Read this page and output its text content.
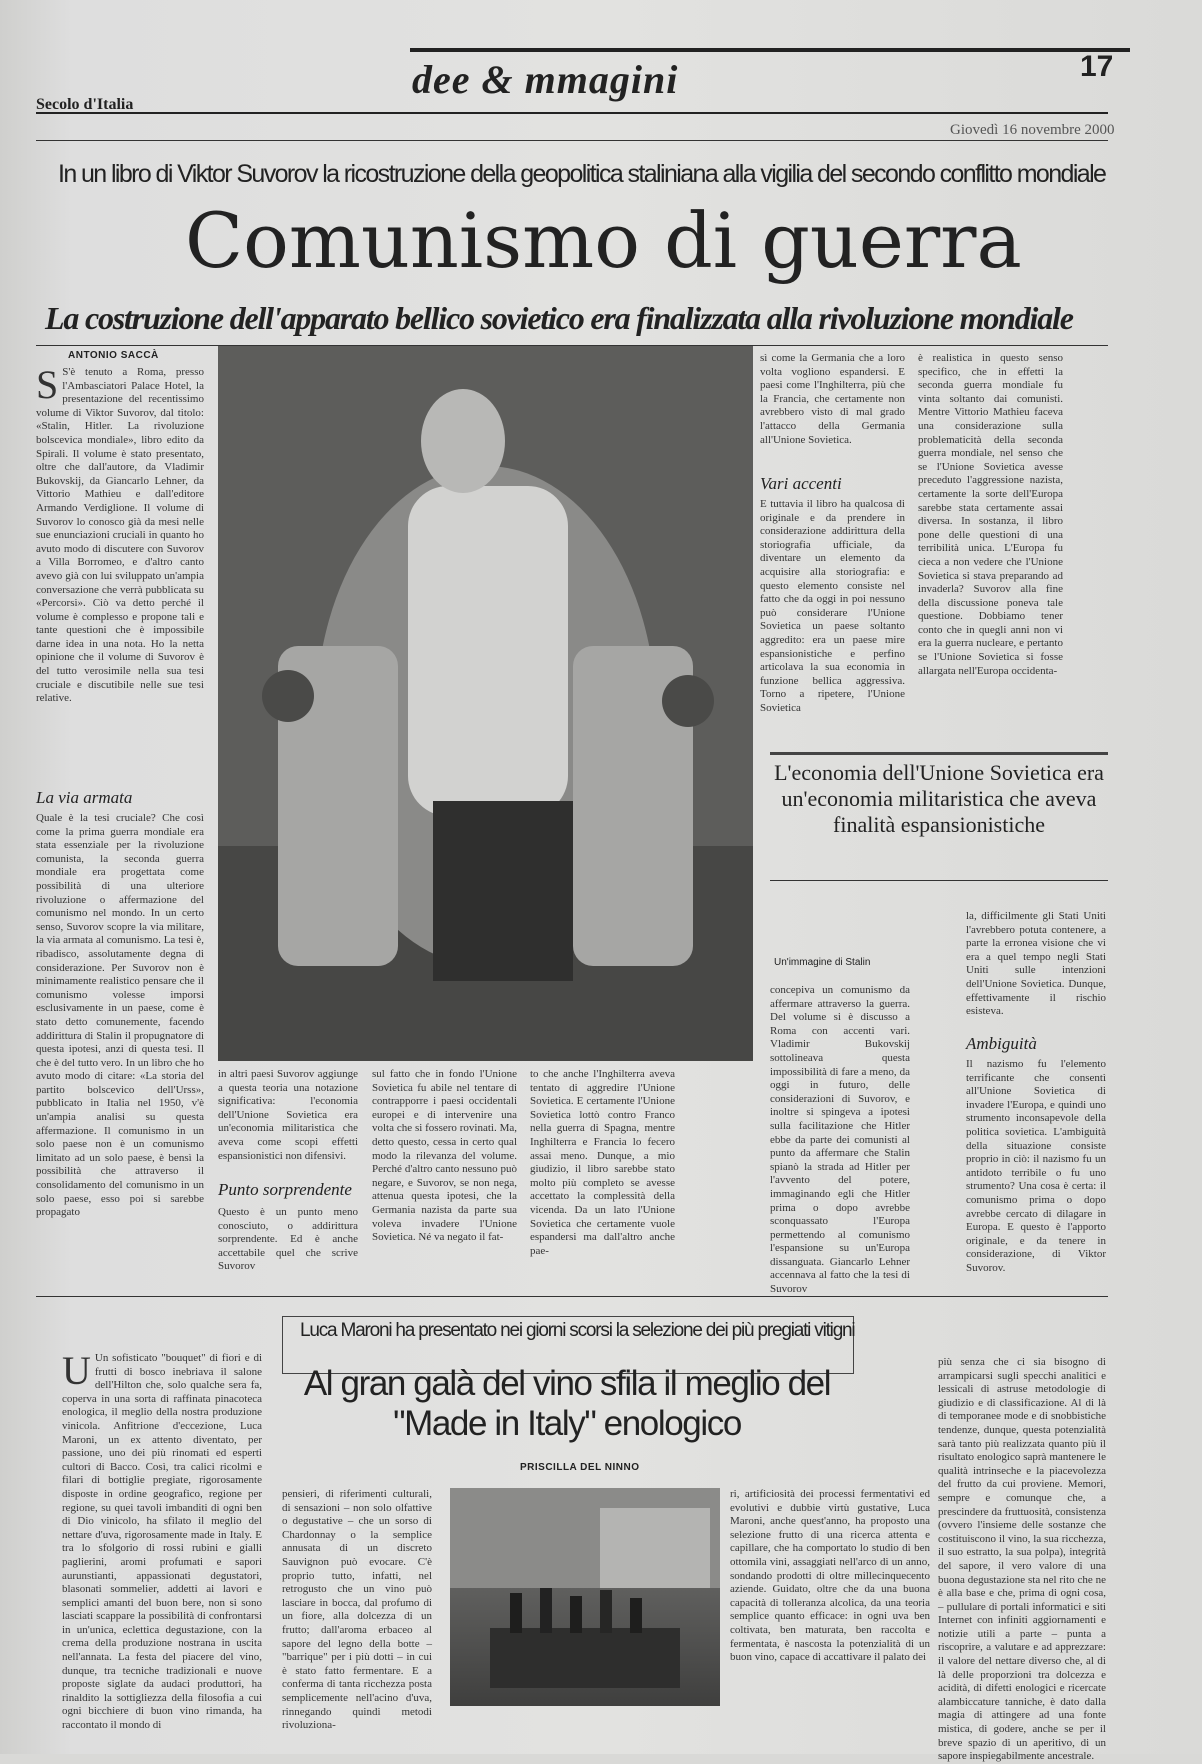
Secolo d'Italia
dee & mmagini	17
Giovedì 16 novembre 2000
In un libro di Viktor Suvorov la ricostruzione della geopolitica staliniana alla vigilia del secondo conflitto mondiale
Comunismo di guerra
La costruzione dell'apparato bellico sovietico era finalizzata alla rivoluzione mondiale
ANTONIO SACCÀ
S S'è tenuto a Roma, presso l'Ambasciatori Palace Hotel, la presentazione del recentissimo volume di Viktor Suvorov, dal titolo: «Stalin, Hitler. La rivoluzione bolscevica mondiale», libro edito da Spirali. Il volume è stato presentato, oltre che dall'autore, da Vladimir Bukovskij, da Giancarlo Lehner, da Vittorio Mathieu e dall'editore Armando Verdiglione. Il volume di Suvorov lo conosco già da mesi nelle sue enunciazioni cruciali in quanto ho avuto modo di discutere con Suvorov a Villa Borromeo, e d'altro canto avevo già con lui sviluppato un'ampia conversazione che verrà pubblicata su «Percorsi». Ciò va detto perché il volume è complesso e propone tali e tante questioni che è impossibile darne idea in una nota. Ho la netta opinione che il volume di Suvorov è del tutto verosimile nella sua tesi cruciale e discutibile nelle sue tesi relative.
La via armata
Quale è la tesi cruciale? Che così come la prima guerra mondiale era stata essenziale per la rivoluzione comunista, la seconda guerra mondiale era progettata come possibilità di una ulteriore rivoluzione o affermazione del comunismo nel mondo. In un certo senso, Suvorov scopre la via militare, la via armata al comunismo. La tesi è, ribadisco, assolutamente degna di considerazione. Per Suvorov non è minimamente realistico pensare che il comunismo volesse imporsi esclusivamente in un paese, come è stato detto comunemente, facendo addirittura di Stalin il propugnatore di questa ipotesi, anzi di questa tesi. Il che è del tutto vero. In un libro che ho avuto modo di citare: «La storia del partito bolscevico dell'Urss», pubblicato in Italia nel 1950, v'è un'ampia analisi su questa affermazione. Il comunismo in un solo paese non è un comunismo limitato ad un solo paese, è bensì la possibilità che attraverso il consolidamento del comunismo in un solo paese, esso poi si sarebbe propagato
in altri paesi Suvorov aggiunge a questa teoria una notazione significativa: l'economia dell'Unione Sovietica era un'economia militaristica che aveva come scopi effetti espansionistici non difensivi.
Punto sorprendente
Questo è un punto meno conosciuto, o addirittura sorprendente. Ed è anche accettabile quel che scrive Suvorov
sul fatto che in fondo l'Unione Sovietica fu abile nel tentare di contrapporre i paesi occidentali europei e di intervenire una volta che si fossero rovinati. Ma, detto questo, cessa in certo qual modo la rilevanza del volume. Perché d'altro canto nessuno può negare, e Suvorov, se non nega, attenua questa ipotesi, che la Germania nazista da parte sua voleva invadere l'Unione Sovietica. Né va negato il fat-
sì come la Germania che a loro volta vogliono espandersi. E paesi come l'Inghilterra, più che la Francia, che certamente non avrebbero visto di mal grado l'attacco della Germania all'Unione Sovietica.
Vari accenti
E tuttavia il libro ha qualcosa di originale e da prendere in considerazione addirittura della storiografia ufficiale, da diventare un elemento da acquisire alla storiografia: e questo elemento consiste nel fatto che da oggi in poi nessuno può considerare l'Unione Sovietica un paese soltanto aggredito: era un paese mire espansionistiche e perfino articolava la sua economia in funzione bellica aggressiva. Torno a ripetere, l'Unione Sovietica
to che anche l'Inghilterra aveva tentato di aggredire l'Unione Sovietica. E certamente l'Unione Sovietica lottò contro Franco nella guerra di Spagna, mentre Inghilterra e Francia lo fecero assai meno. Dunque, a mio giudizio, il libro sarebbe stato molto più completo se avesse accettato la complessità della vicenda. Da un lato l'Unione Sovietica che certamente vuole espandersi ma dall'altro anche pae-
è realistica in questo senso specifico, che in effetti la seconda guerra mondiale fu vinta soltanto dai comunisti. Mentre Vittorio Mathieu faceva una considerazione sulla problematicità della seconda guerra mondiale, nel senso che se l'Unione Sovietica avesse preceduto l'aggressione nazista, certamente la sorte dell'Europa sarebbe stata certamente assai diversa. In sostanza, il libro pone delle questioni di una terribilità unica. L'Europa fu cieca a non vedere che l'Unione Sovietica si stava preparando ad invaderla? Suvorov alla fine della discussione poneva tale questione. Dobbiamo tener conto che in quegli anni non vi era la guerra nucleare, e pertanto se l'Unione Sovietica si fosse allargata nell'Europa occidenta-
L'economia dell'Unione Sovietica era un'economia militaristica che aveva finalità espansionistiche
Un'immagine di Stalin
concepiva un comunismo da affermare attraverso la guerra. Del volume si è discusso a Roma con accenti vari. Vladimir Bukovskij sottolineava questa impossibilità di fare a meno, da oggi in futuro, delle considerazioni di Suvorov, e inoltre si spingeva a ipotesi sulla facilitazione che Hitler ebbe da parte dei comunisti al punto da affermare che Stalin spianò la strada ad Hitler per l'avvento del potere, immaginando egli che Hitler prima o dopo avrebbe sconquassato l'Europa permettendo al comunismo l'espansione su un'Europa dissanguata. Giancarlo Lehner accennava al fatto che la tesi di Suvorov
la, difficilmente gli Stati Uniti l'avrebbero potuta contenere, a parte la erronea visione che vi era a quel tempo negli Stati Uniti sulle intenzioni dell'Unione Sovietica. Dunque, effettivamente il rischio esisteva.
Ambiguità
Il nazismo fu l'elemento terrificante che consentì all'Unione Sovietica di invadere l'Europa, e quindi uno strumento inconsapevole della politica sovietica. L'ambiguità della situazione consiste proprio in ciò: il nazismo fu un antidoto terribile o fu uno strumento? Una cosa è certa: il comunismo prima o dopo avrebbe cercato di dilagare in Europa. E questo è l'apporto originale, e da tenere in considerazione, di Viktor Suvorov.
Luca Maroni ha presentato nei giorni scorsi la selezione dei più pregiati vitigni
Al gran galà del vino sfila il meglio del "Made in Italy" enologico
PRISCILLA DEL NINNO
U Un sofisticato "bouquet" di fiori e di frutti di bosco inebriava il salone dell'Hilton che, solo qualche sera fa, coperva in una sorta di raffinata pinacoteca enologica, il meglio della nostra produzione vinicola. Anfitrione d'eccezione, Luca Maroni, un ex attento diventato, per passione, uno dei più rinomati ed esperti cultori di Bacco. Così, tra calici ricolmi e filari di bottiglie pregiate, rigorosamente disposte in ordine geografico, regione per regione, su quei tavoli imbanditi di ogni ben di Dio vinicolo, ha sfilato il meglio del nettare d'uva, rigorosamente made in Italy. E tra lo sfolgorio di rossi rubini e gialli paglierini, aromi profumati e sapori aurunstianti, appassionati degustatori, blasonati sommelier, addetti ai lavori e semplici amanti del buon bere, non si sono lasciati scappare la possibilità di confrontarsi in un'unica, eclettica degustazione, con la crema della produzione nostrana in uscita nell'annata. La festa del piacere del vino, dunque, tra tecniche tradizionali e nuove proposte siglate da audaci produttori, ha rinaldito la sottigliezza della filosofia a cui ogni bicchiere di buon vino rimanda, ha raccontato il mondo di
pensieri, di riferimenti culturali, di sensazioni – non solo olfattive o degustative – che un sorso di Chardonnay o la semplice annusata di un discreto Sauvignon può evocare. C'è proprio tutto, infatti, nel retrogusto che un vino può lasciare in bocca, dal profumo di un fiore, alla dolcezza di un frutto; dall'aroma erbaceo al sapore del legno della botte – "barrique" per i più dotti – in cui è stato fatto fermentare. E a conferma di tanta ricchezza posta semplicemente nell'acino d'uva, rinnegando quindi metodi rivoluziona-
ri, artificiosità dei processi fermentativi ed evolutivi e dubbie virtù gustative, Luca Maroni, anche quest'anno, ha proposto una selezione frutto di una ricerca attenta e capillare, che ha comportato lo studio di ben ottomila vini, assaggiati nell'arco di un anno, sondando prodotti di oltre millecinquecento aziende. Guidato, oltre che da una buona capacità di tolleranza alcolica, da una teoria semplice quanto efficace: in ogni uva ben coltivata, ben maturata, ben raccolta e fermentata, è nascosta la potenzialità di un buon vino, capace di accattivare il palato dei
più senza che ci sia bisogno di arrampicarsi sugli specchi analitici e lessicali di astruse metodologie di giudizio e di classificazione. Al di là di temporanee mode e di snobbistiche tendenze, dunque, questa potenzialità sarà tanto più realizzata quanto più il risultato enologico saprà mantenere le qualità intrinseche e la piacevolezza del frutto da cui proviene. Memori, sempre e comunque che, a prescindere da fruttuosità, consistenza (ovvero l'insieme delle sostanze che costituiscono il vino, la sua ricchezza, il suo estratto, la sua polpa), integrità del sapore, il vero valore di una buona degustazione sta nel rito che ne è alla base e che, prima di ogni cosa, – pullulare di portali informatici e siti Internet con infiniti aggiornamenti e notizie utili a parte – punta a riscoprire, a valutare e ad apprezzare: il valore del nettare diverso che, al di là delle proporzioni tra dolcezza e acidità, di difetti enologici e ricercate alambiccature tanniche, è dato dalla magia di attingere ad una fonte mistica, di godere, anche se per il breve spazio di un aperitivo, di un sapore inspiegabilmente ancestrale.
